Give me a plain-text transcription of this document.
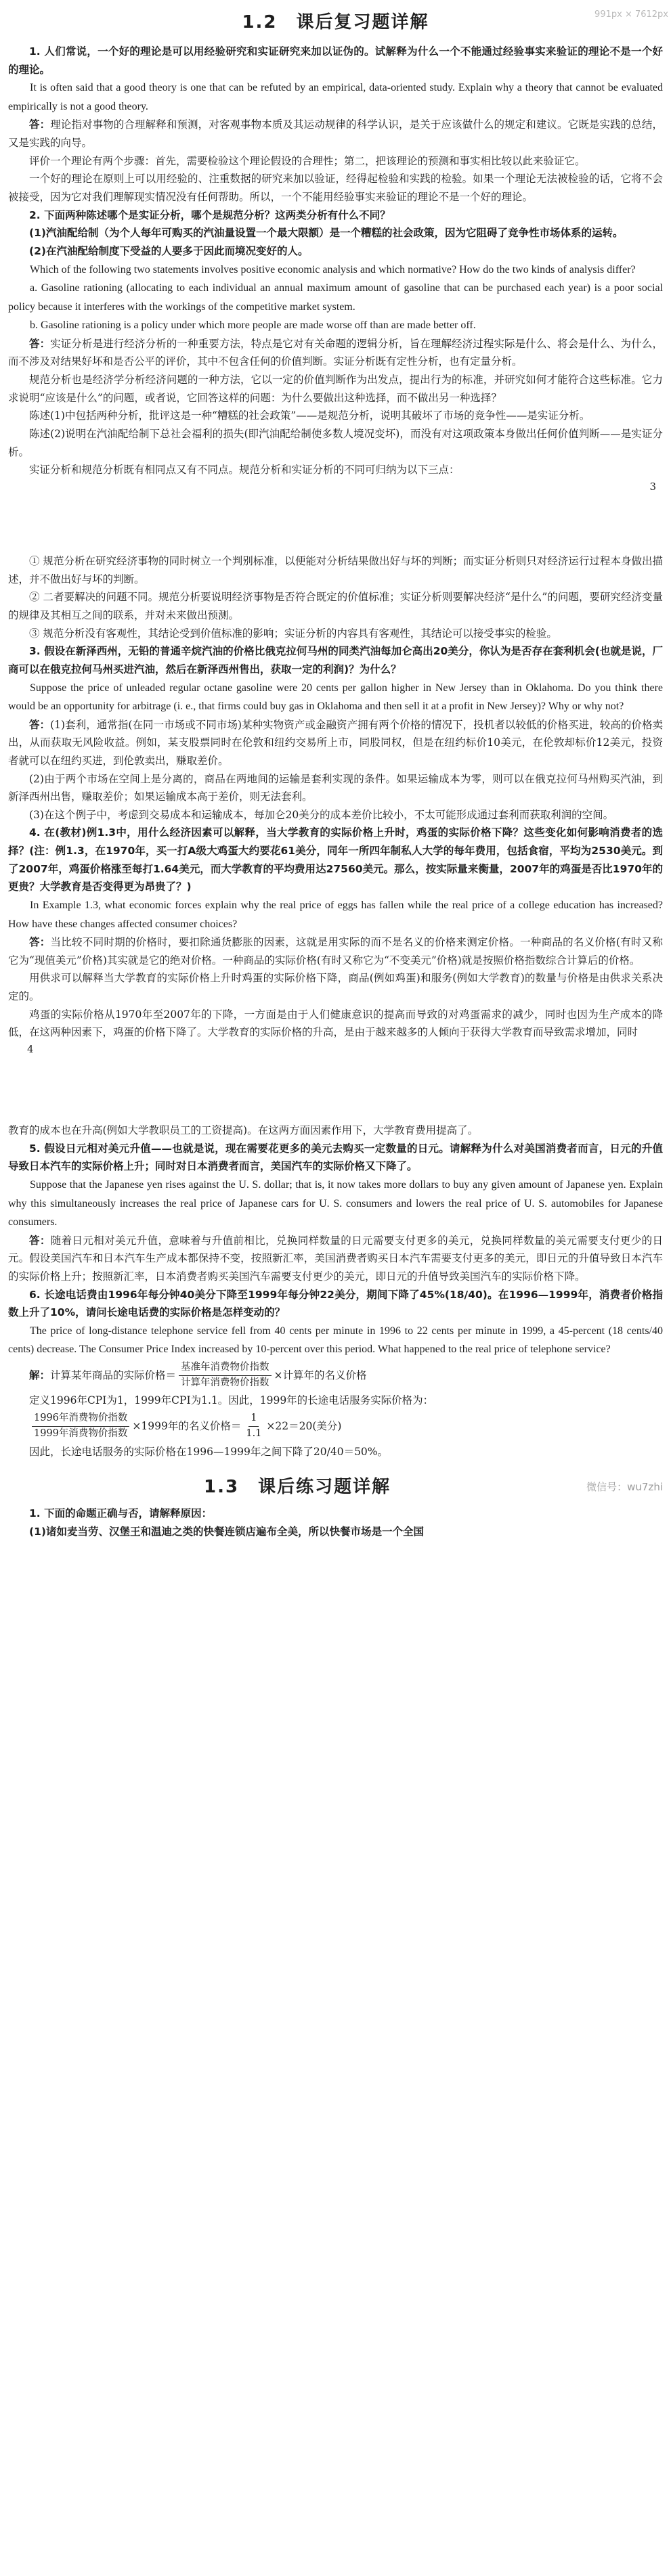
991px × 7612px
1.2　课后复习题详解

1. 人们常说，一个好的理论是可以用经验研究和实证研究来加以证伪的。试解释为什么一个不能通过经验事实来验证的理论不是一个好的理论。

It is often said that a good theory is one that can be refuted by an empirical, data-oriented study. Explain why a theory that cannot be evaluated empirically is not a good theory.

答：理论指对事物的合理解释和预测，对客观事物本质及其运动规律的科学认识，是关于应该做什么的规定和建议。它既是实践的总结，又是实践的向导。

评价一个理论有两个步骤：首先，需要检验这个理论假设的合理性；第二，把该理论的预测和事实相比较以此来验证它。

一个好的理论在原则上可以用经验的、注重数据的研究来加以验证，经得起检验和实践的检验。如果一个理论无法被检验的话，它将不会被接受，因为它对我们理解现实情况没有任何帮助。所以，一个不能用经验事实来验证的理论不是一个好的理论。

2. 下面两种陈述哪个是实证分析，哪个是规范分析？这两类分析有什么不同？

(1)汽油配给制（为个人每年可购买的汽油量设置一个最大限额）是一个糟糕的社会政策，因为它阻碍了竞争性市场体系的运转。

(2)在汽油配给制度下受益的人要多于因此而境况变好的人。

Which of the following two statements involves positive economic analysis and which normative? How do the two kinds of analysis differ?

a. Gasoline rationing (allocating to each individual an annual maximum amount of gasoline that can be purchased each year) is a poor social policy because it interferes with the workings of the competitive market system.

b. Gasoline rationing is a policy under which more people are made worse off than are made better off.

答：实证分析是进行经济分析的一种重要方法，特点是它对有关命题的逻辑分析，旨在理解经济过程实际是什么、将会是什么、为什么，而不涉及对结果好坏和是否公平的评价，其中不包含任何的价值判断。实证分析既有定性分析，也有定量分析。

规范分析也是经济学分析经济问题的一种方法，它以一定的价值判断作为出发点，提出行为的标准，并研究如何才能符合这些标准。它力求说明“应该是什么”的问题，或者说，它回答这样的问题：为什么要做出这种选择，而不做出另一种选择？

陈述(1)中包括两种分析，批评这是一种“糟糕的社会政策”——是规范分析，说明其破坏了市场的竞争性——是实证分析。

陈述(2)说明在汽油配给制下总社会福利的损失(即汽油配给制使多数人境况变坏)，而没有对这项政策本身做出任何价值判断——是实证分析。

实证分析和规范分析既有相同点又有不同点。规范分析和实证分析的不同可归纳为以下三点：

3

① 规范分析在研究经济事物的同时树立一个判别标准，以便能对分析结果做出好与坏的判断；而实证分析则只对经济运行过程本身做出描述，并不做出好与坏的判断。

② 二者要解决的问题不同。规范分析要说明经济事物是否符合既定的价值标准；实证分析则要解决经济“是什么”的问题，要研究经济变量的规律及其相互之间的联系，并对未来做出预测。

③ 规范分析没有客观性，其结论受到价值标准的影响；实证分析的内容具有客观性，其结论可以接受事实的检验。

3. 假设在新泽西州，无铅的普通辛烷汽油的价格比俄克拉何马州的同类汽油每加仑高出20美分，你认为是否存在套利机会(也就是说，厂商可以在俄克拉何马州买进汽油，然后在新泽西州售出，获取一定的利润)？为什么？

Suppose the price of unleaded regular octane gasoline were 20 cents per gallon higher in New Jersey than in Oklahoma. Do you think there would be an opportunity for arbitrage (i. e., that firms could buy gas in Oklahoma and then sell it at a profit in New Jersey)? Why or why not?

答：(1)套利，通常指(在同一市场或不同市场)某种实物资产或金融资产拥有两个价格的情况下，投机者以较低的价格买进，较高的价格卖出，从而获取无风险收益。例如，某支股票同时在伦敦和纽约交易所上市，同股同权，但是在纽约标价10美元，在伦敦却标价12美元，投资者就可以在纽约买进，到伦敦卖出，赚取差价。

(2)由于两个市场在空间上是分离的，商品在两地间的运输是套利实现的条件。如果运输成本为零，则可以在俄克拉何马州购买汽油，到新泽西州出售，赚取差价；如果运输成本高于差价，则无法套利。

(3)在这个例子中，考虑到交易成本和运输成本，每加仑20美分的成本差价比较小，不太可能形成通过套利而获取利润的空间。

4. 在(教材)例1.3中，用什么经济因素可以解释，当大学教育的实际价格上升时，鸡蛋的实际价格下降？这些变化如何影响消费者的选择？(注：例1.3，在1970年，买一打A级大鸡蛋大约要花61美分，同年一所四年制私人大学的每年费用，包括食宿，平均为2530美元。到了2007年，鸡蛋价格涨至每打1.64美元，而大学教育的平均费用达27560美元。那么，按实际量来衡量，2007年的鸡蛋是否比1970年的更贵？大学教育是否变得更为昂贵了？)

In Example 1.3, what economic forces explain why the real price of eggs has fallen while the real price of a college education has increased? How have these changes affected consumer choices?

答：当比较不同时期的价格时，要扣除通货膨胀的因素，这就是用实际的而不是名义的价格来测定价格。一种商品的名义价格(有时又称它为“现值美元”价格)其实就是它的绝对价格。一种商品的实际价格(有时又称它为“不变美元”价格)就是按照价格指数综合计算后的价格。

用供求可以解释当大学教育的实际价格上升时鸡蛋的实际价格下降，商品(例如鸡蛋)和服务(例如大学教育)的数量与价格是由供求关系决定的。

鸡蛋的实际价格从1970年至2007年的下降，一方面是由于人们健康意识的提高而导致的对鸡蛋需求的减少，同时也因为生产成本的降低，在这两种因素下，鸡蛋的价格下降了。大学教育的实际价格的升高，是由于越来越多的人倾向于获得大学教育而导致需求增加，同时

4

教育的成本也在升高(例如大学教职员工的工资提高)。在这两方面因素作用下，大学教育费用提高了。

5. 假设日元相对美元升值——也就是说，现在需要花更多的美元去购买一定数量的日元。请解释为什么对美国消费者而言，日元的升值导致日本汽车的实际价格上升；同时对日本消费者而言，美国汽车的实际价格又下降了。

Suppose that the Japanese yen rises against the U. S. dollar; that is, it now takes more dollars to buy any given amount of Japanese yen. Explain why this simultaneously increases the real price of Japanese cars for U. S. consumers and lowers the real price of U. S. automobiles for Japanese consumers.

答：随着日元相对美元升值，意味着与升值前相比，兑换同样数量的日元需要支付更多的美元，兑换同样数量的美元需要支付更少的日元。假设美国汽车和日本汽车生产成本都保持不变，按照新汇率，美国消费者购买日本汽车需要支付更多的美元，即日元的升值导致日本汽车的实际价格上升；按照新汇率，日本消费者购买美国汽车需要支付更少的美元，即日元的升值导致美国汽车的实际价格下降。

6. 长途电话费由1996年每分钟40美分下降至1999年每分钟22美分，期间下降了45%(18/40)。在1996—1999年，消费者价格指数上升了10%，请问长途电话费的实际价格是怎样变动的？

The price of long-distance telephone service fell from 40 cents per minute in 1996 to 22 cents per minute in 1999, a 45-percent (18 cents/40 cents) decrease. The Consumer Price Index increased by 10-percent over this period. What happened to the real price of telephone service?

解： 计算某年商品的实际价格＝ $\frac{\text{基准年消费物价指数}}{\text{计算年消费物价指数}}$ ×计算年的名义价格

定义1996年CPI为1，1999年CPI为1.1。因此，1999年的长途电话服务实际价格为：

$\frac{\text{1996年消费物价指数}}{\text{1999年消费物价指数}} \times 1999$年的名义价格＝ $\frac{1}{1.1} \times 22=20$(美分)

因此，长途电话服务的实际价格在1996—1999年之间下降了20/40＝50%。

1.3　课后练习题详解	微信号：wu7zhi

1. 下面的命题正确与否，请解释原因：

(1)诸如麦当劳、汉堡王和温迪之类的快餐连锁店遍布全美，所以快餐市场是一个全国
